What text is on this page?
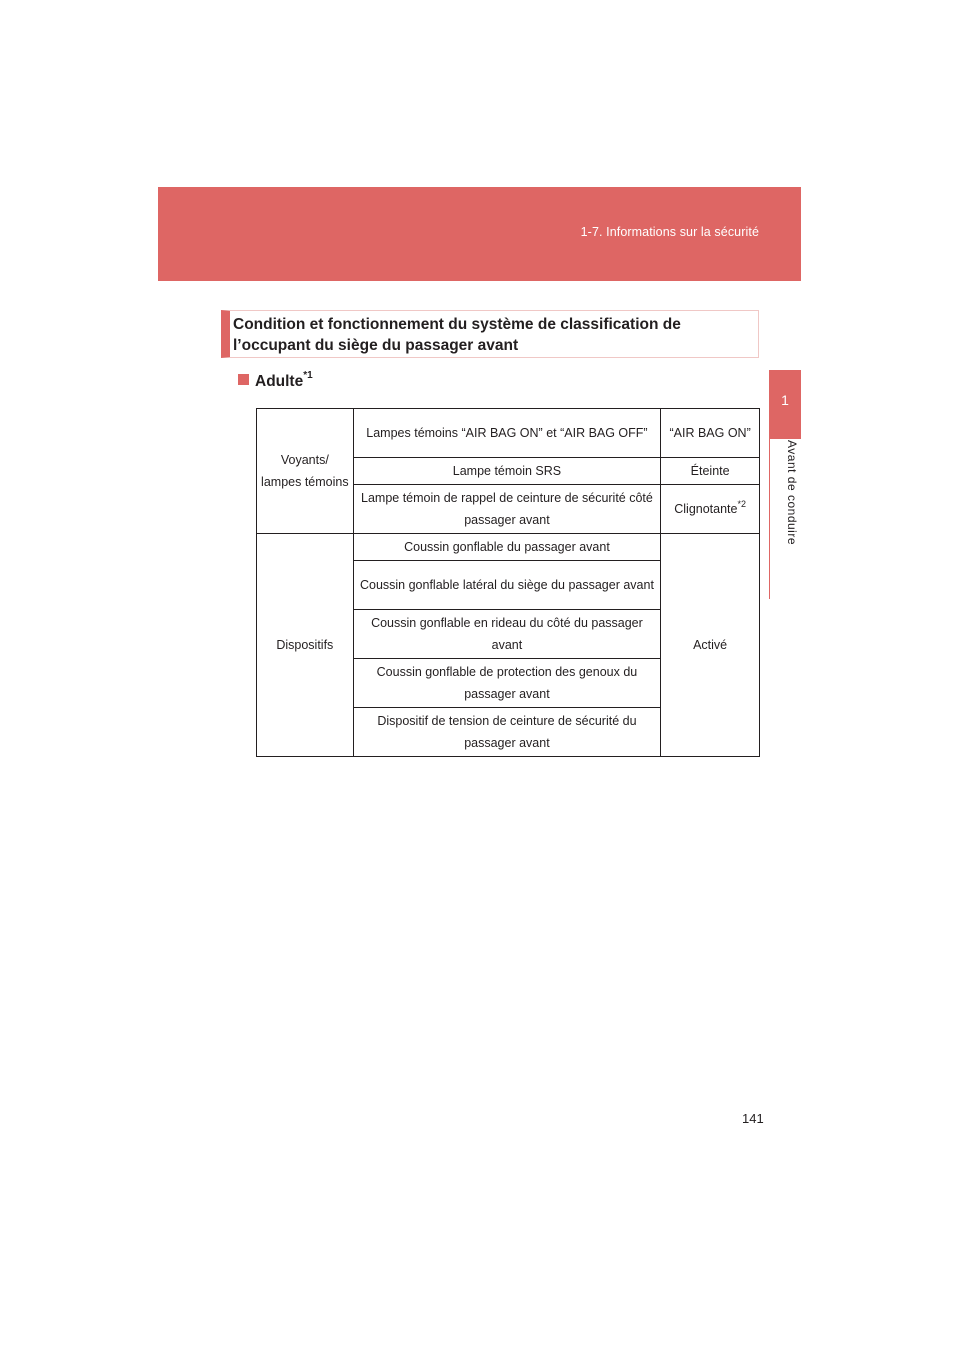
1-7. Informations sur la sécurité
1
Avant de conduire
Condition et fonctionnement du système de classification de l’occupant du siège du passager avant
Adulte$^{*1}$
Voyants/ lampes témoins	Lampes témoins “AIR BAG ON” et “AIR BAG OFF”	“AIR BAG ON”
	Lampe témoin SRS	Éteinte
	Lampe témoin de rappel de ceinture de sécurité côté passager avant	Clignotante$^{*2}$
Dispositifs	Coussin gonflable du passager avant	Activé
	Coussin gonflable latéral du siège du passager avant	
	Coussin gonflable en rideau du côté du passager avant	
	Coussin gonflable de protection des genoux du passager avant	
	Dispositif de tension de ceinture de sécurité du passager avant	
141
